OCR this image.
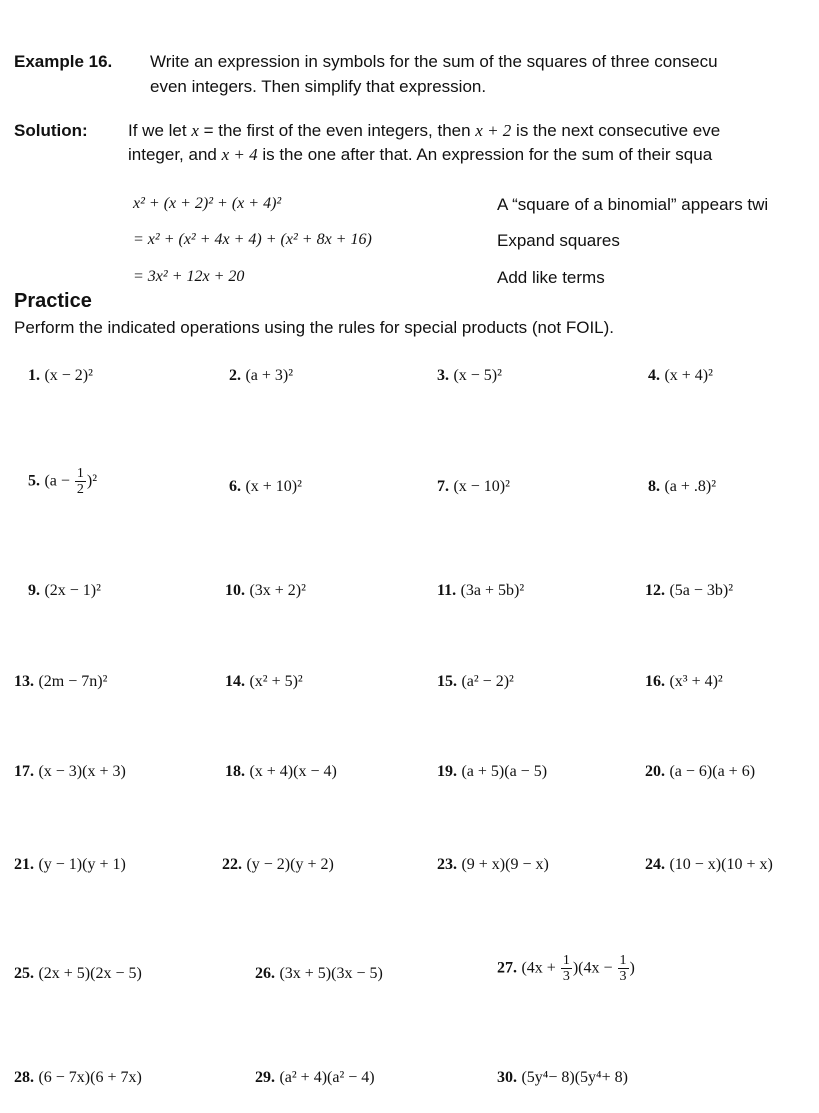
Example 16. Write an expression in symbols for the sum of the squares of three consecu
even integers. Then simplify that expression.
Solution: If we let x = the first of the even integers, then x + 2 is the next consecutive eve
integer, and x + 4 is the one after that. An expression for the sum of their squa
x² + (x + 2)² + (x + 4)²	A “square of a binomial” appears twi
= x² + (x² + 4x + 4) + (x² + 8x + 16)	Expand squares
= 3x² + 12x + 20	Add like terms
Practice
Perform the indicated operations using the rules for special products (not FOIL).
1. (x − 2)²	2. (a + 3)²	3. (x − 5)²	4. (x + 4)²
5. $(a - \frac{1}{2} )^2$	6. (x + 10)²	7. (x − 10)²	8. (a + .8)²
9. (2x − 1)²	10. (3x + 2)²	11. (3a + 5b)²	12. (5a − 3b)²
13. (2m − 7n)²	14. (x² + 5)²	15. (a² − 2)²	16. (x³ + 4)²
17. (x − 3)(x + 3)	18. (x + 4)(x − 4)	19. (a + 5)(a − 5)	20. (a − 6)(a + 6)
21. (y − 1)(y + 1)	22. (y − 2)(y + 2)	23. (9 + x)(9 − x)	24. (10 − x)(10 + x)
25. (2x + 5)(2x − 5)	26. (3x + 5)(3x − 5)	27. $(4x + \frac{1}{3} )(4x - \frac{1}{3}$ )
28. (6 − 7x)(6 + 7x)	29. (a² + 4)(a² − 4)	30. (5y⁴− 8)(5y⁴+ 8)
